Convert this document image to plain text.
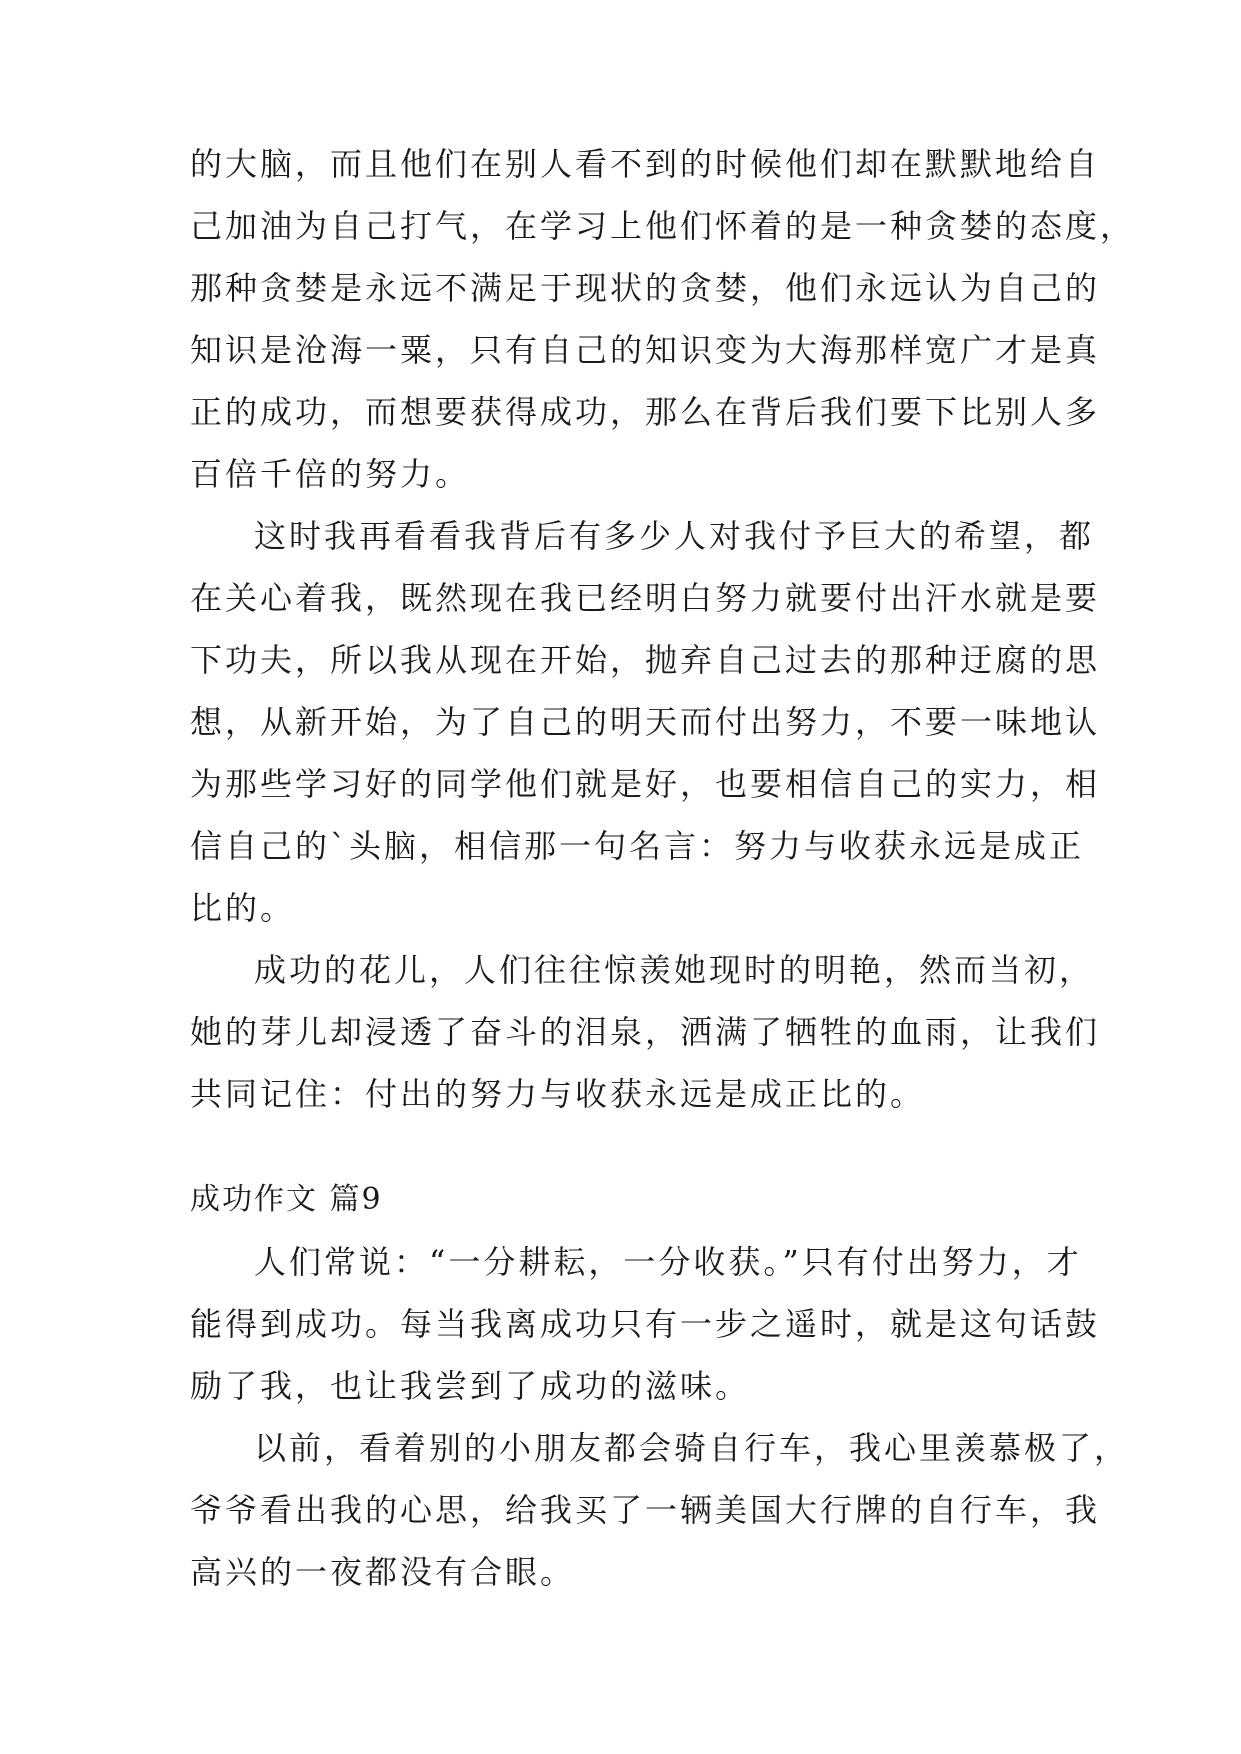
的大脑，而且他们在别人看不到的时候他们却在默默地给自
己加油为自己打气，在学习上他们怀着的是一种贪婪的态度，
那种贪婪是永远不满足于现状的贪婪，他们永远认为自己的
知识是沧海一粟，只有自己的知识变为大海那样宽广才是真
正的成功，而想要获得成功，那么在背后我们要下比别人多
百倍千倍的努力。
这时我再看看我背后有多少人对我付予巨大的希望，都
在关心着我，既然现在我已经明白努力就要付出汗水就是要
下功夫，所以我从现在开始，抛弃自己过去的那种迂腐的思
想，从新开始，为了自己的明天而付出努力，不要一味地认
为那些学习好的同学他们就是好，也要相信自己的实力，相
信自己的`头脑，相信那一句名言：努力与收获永远是成正
比的。
成功的花儿，人们往往惊羡她现时的明艳，然而当初，
她的芽儿却浸透了奋斗的泪泉，洒满了牺牲的血雨，让我们
共同记住：付出的努力与收获永远是成正比的。
成功作文 篇9
人们常说：“一分耕耘，一分收获。”只有付出努力，才
能得到成功。每当我离成功只有一步之遥时，就是这句话鼓
励了我，也让我尝到了成功的滋味。
以前，看着别的小朋友都会骑自行车，我心里羡慕极了，
爷爷看出我的心思，给我买了一辆美国大行牌的自行车，我
高兴的一夜都没有合眼。
